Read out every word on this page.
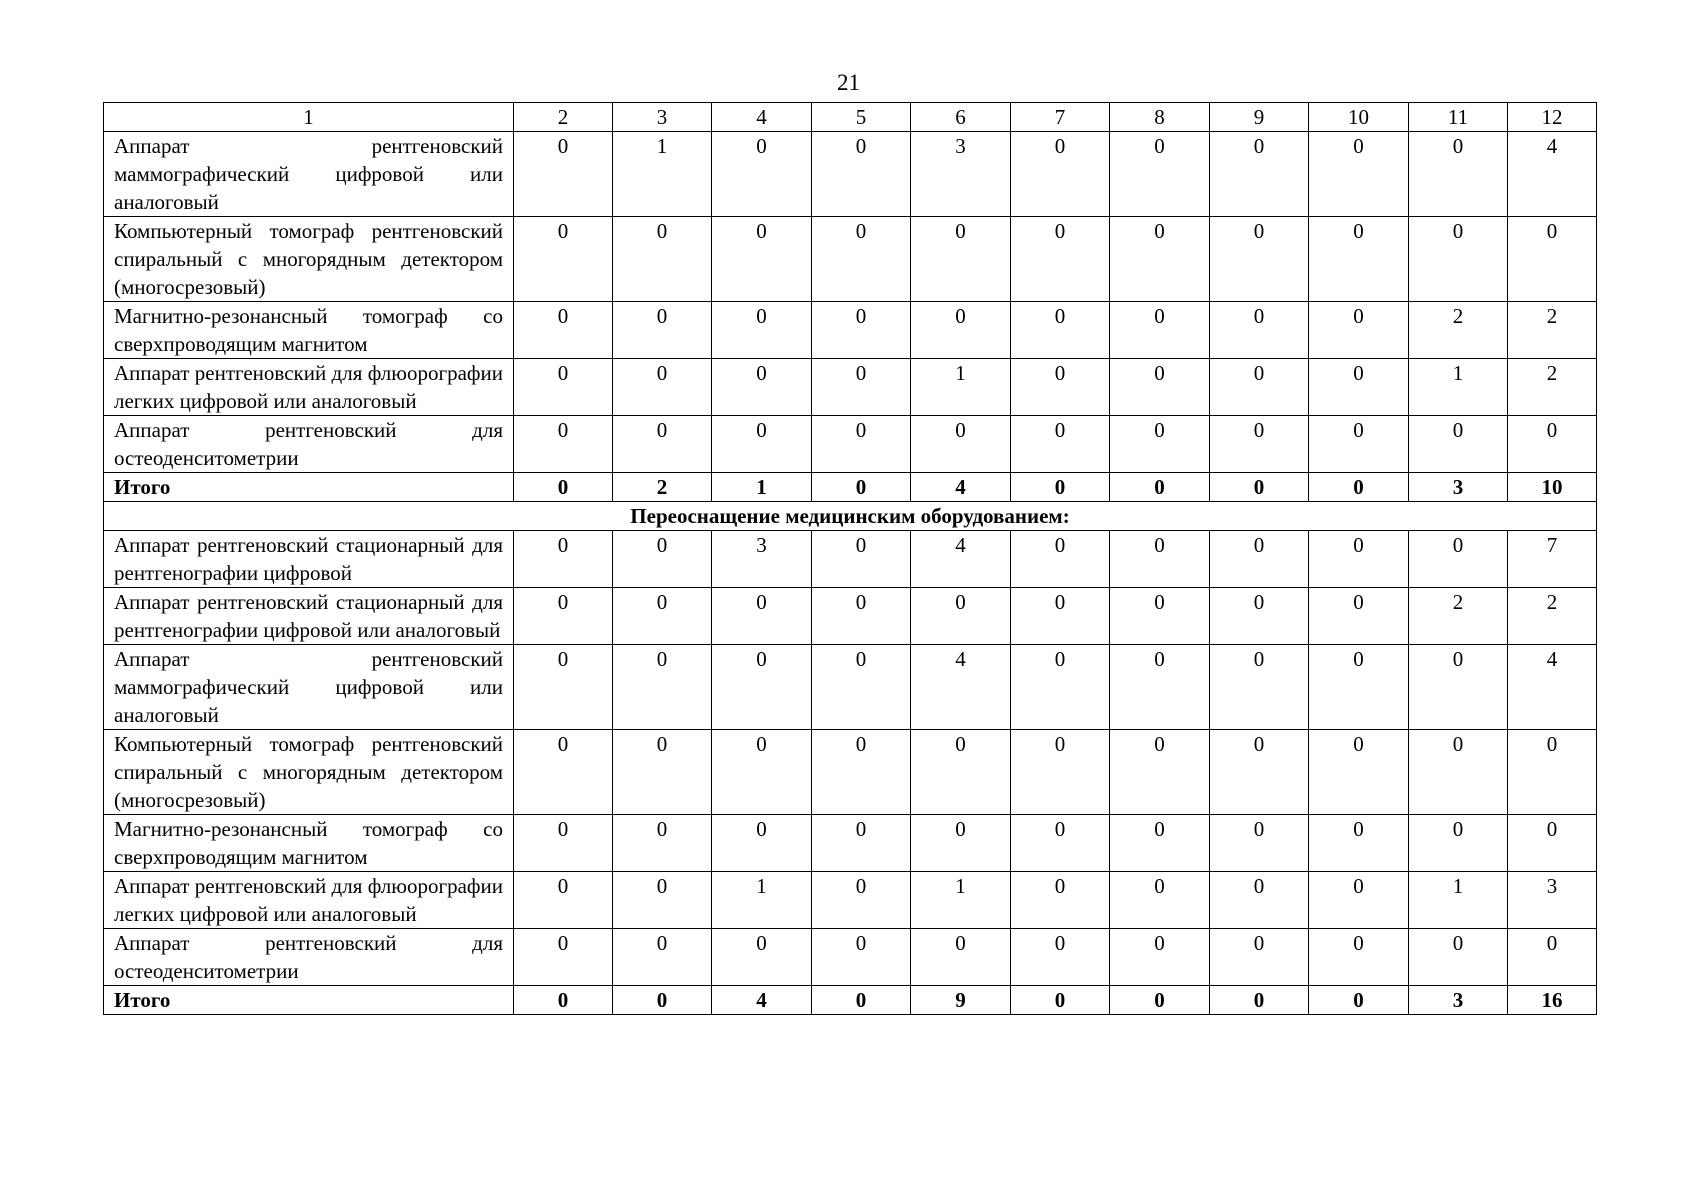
21
1	2	3	4	5	6	7	8	9	10	11	12
Аппарат рентгеновский маммографический цифровой или аналоговый	0	1	0	0	3	0	0	0	0	0	4
Компьютерный томограф рентгеновский спиральный с многорядным детектором (многосрезовый)	0	0	0	0	0	0	0	0	0	0	0
Магнитно-резонансный томограф со сверхпроводящим магнитом	0	0	0	0	0	0	0	0	0	2	2
Аппарат рентгеновский для флюорографии легких цифровой или аналоговый	0	0	0	0	1	0	0	0	0	1	2
Аппарат рентгеновский для остеоденситометрии	0	0	0	0	0	0	0	0	0	0	0
Итого	0	2	1	0	4	0	0	0	0	3	10
Переоснащение медицинским оборудованием:											
Аппарат рентгеновский стационарный для рентгенографии цифровой	0	0	3	0	4	0	0	0	0	0	7
Аппарат рентгеновский стационарный для рентгенографии цифровой или аналоговый	0	0	0	0	0	0	0	0	0	2	2
Аппарат рентгеновский маммографический цифровой или аналоговый	0	0	0	0	4	0	0	0	0	0	4
Компьютерный томограф рентгеновский спиральный с многорядным детектором (многосрезовый)	0	0	0	0	0	0	0	0	0	0	0
Магнитно-резонансный томограф со сверхпроводящим магнитом	0	0	0	0	0	0	0	0	0	0	0
Аппарат рентгеновский для флюорографии легких цифровой или аналоговый	0	0	1	0	1	0	0	0	0	1	3
Аппарат рентгеновский для остеоденситометрии	0	0	0	0	0	0	0	0	0	0	0
Итого	0	0	4	0	9	0	0	0	0	3	16
